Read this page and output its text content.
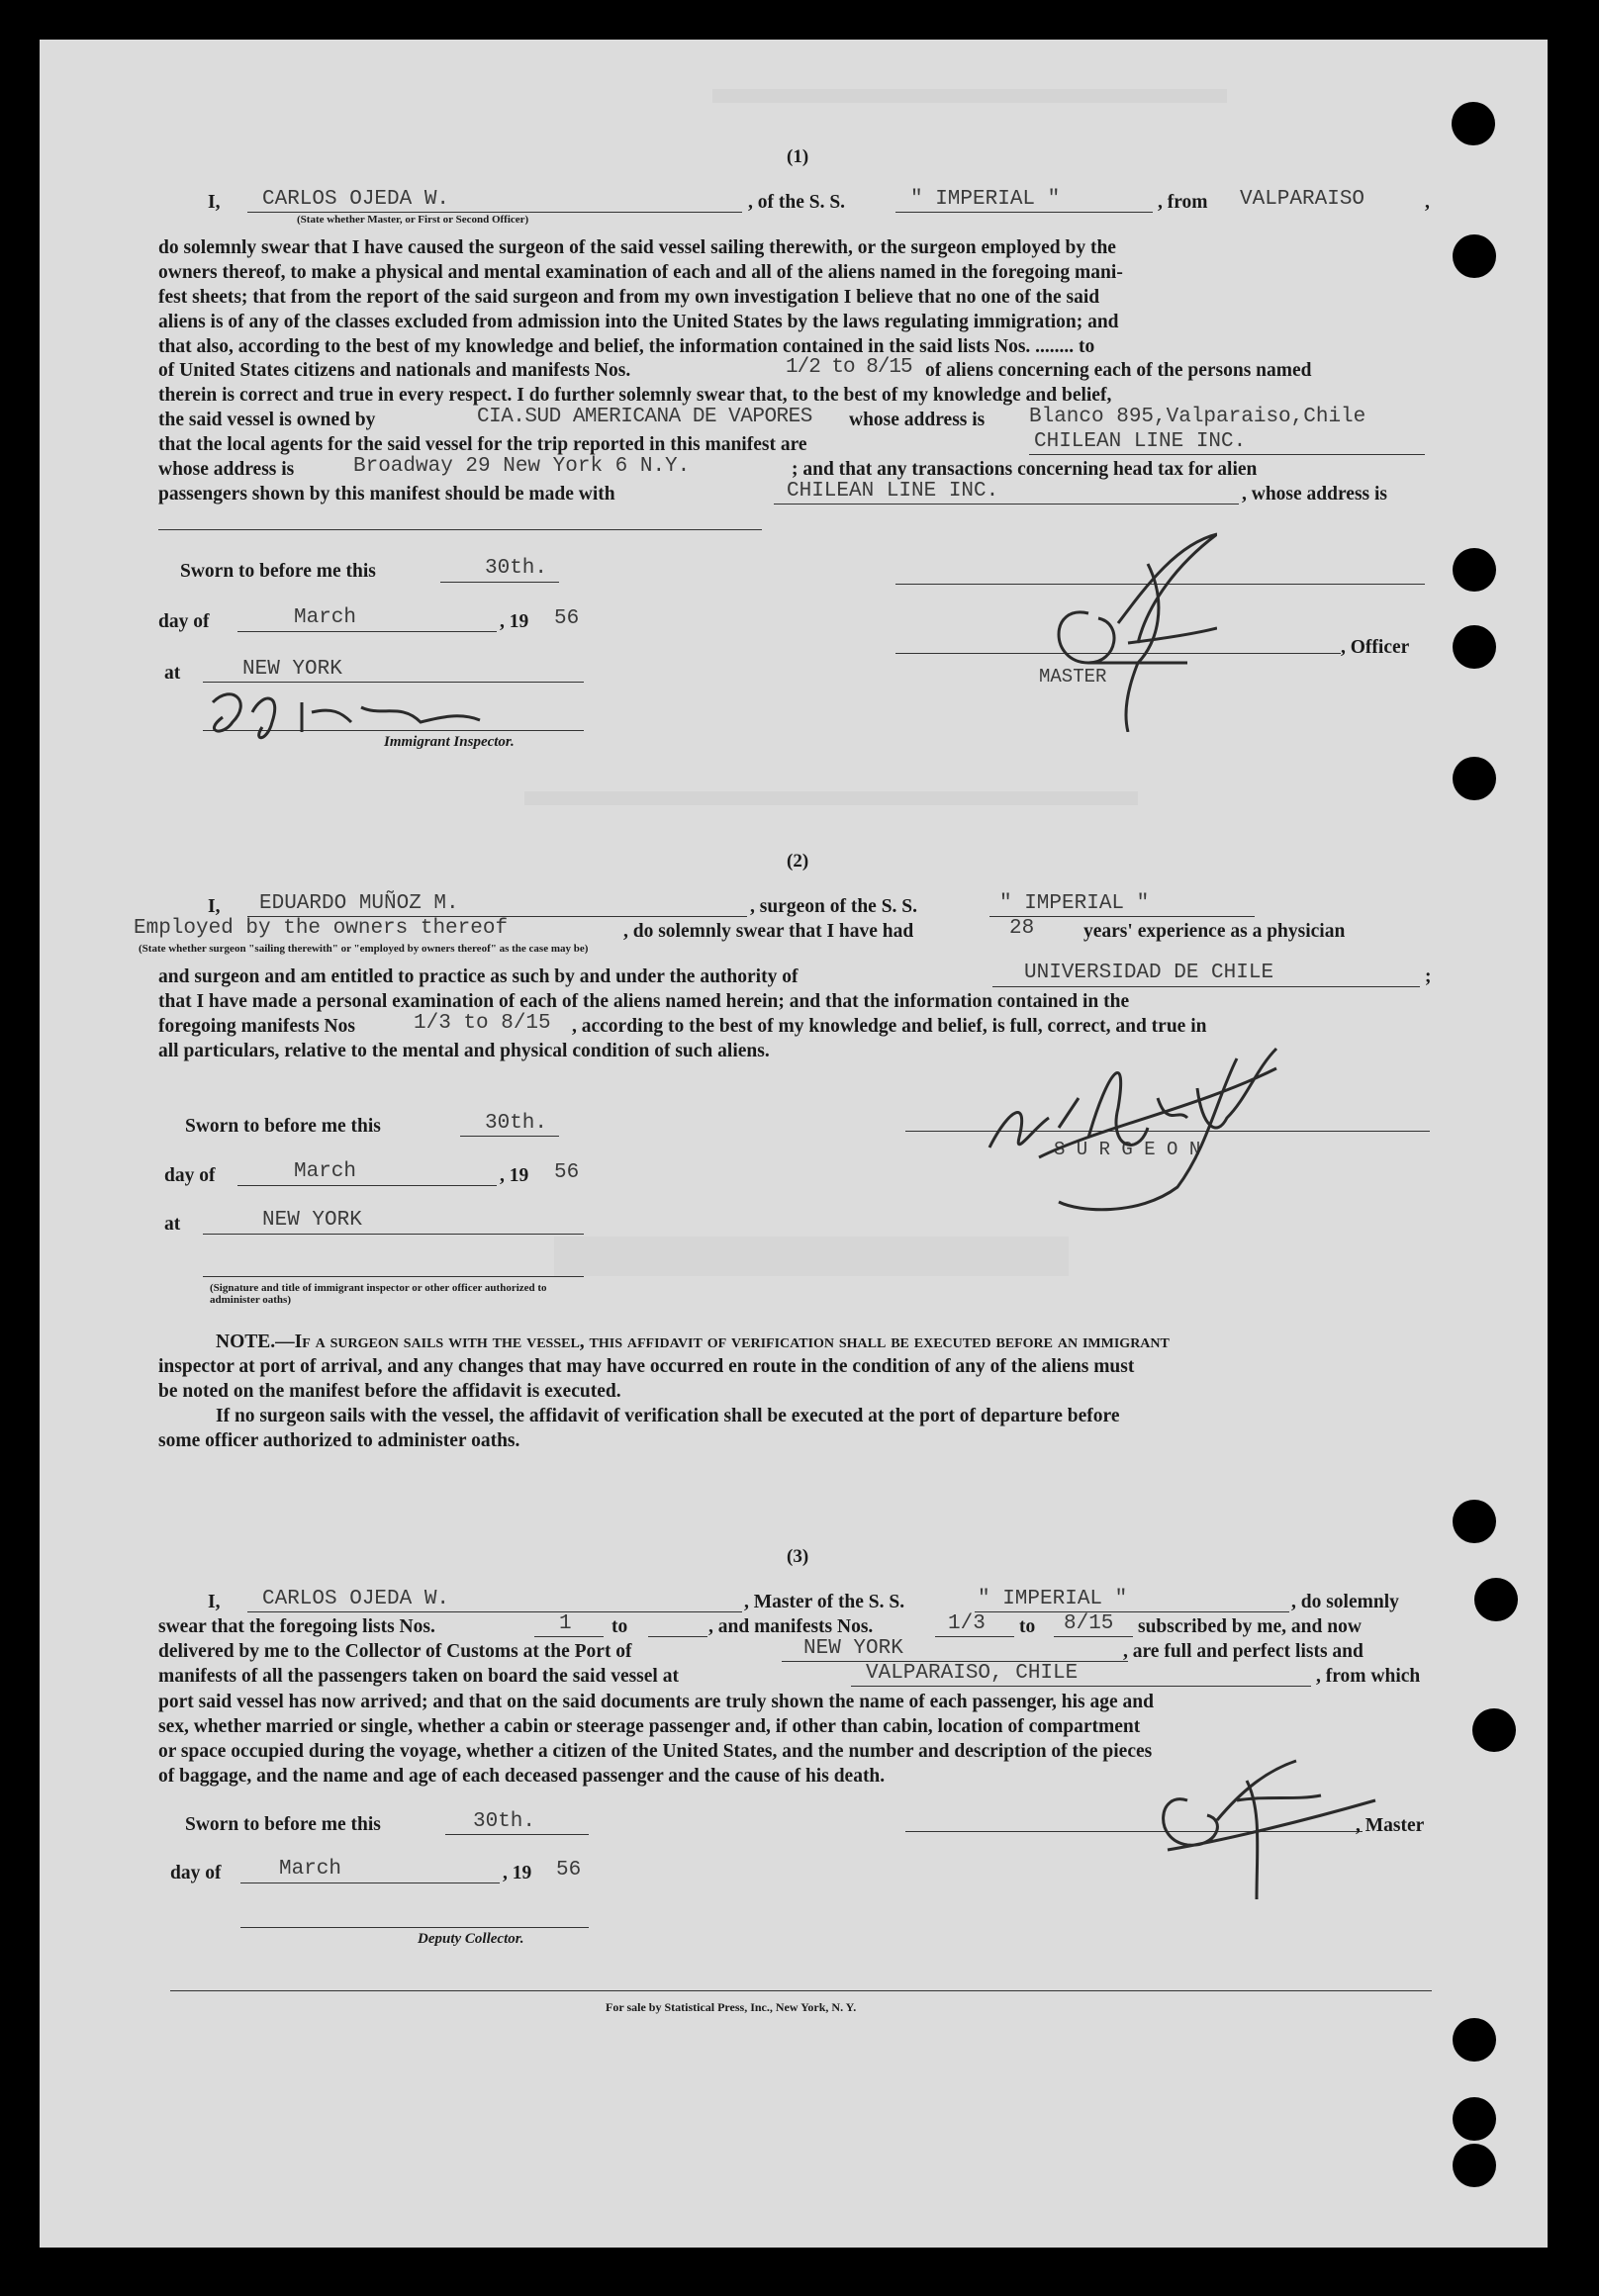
(1)
I, CARLOS OJEDA W.	, of the S. S.	" IMPERIAL "	, from VALPARAISO	,
(State whether Master, or First or Second Officer)
do solemnly swear that I have caused the surgeon of the said vessel sailing therewith, or the surgeon employed by the
owners thereof, to make a physical and mental examination of each and all of the aliens named in the foregoing mani-
fest sheets; that from the report of the said surgeon and from my own investigation I believe that no one of the said
aliens is of any of the classes excluded from admission into the United States by the laws regulating immigration; and
that also, according to the best of my knowledge and belief, the information contained in the said lists Nos. ........ to
of United States citizens and nationals and manifests Nos.	1/2 to 8/15 of aliens concerning each of the persons named
therein is correct and true in every respect. I do further solemnly swear that, to the best of my knowledge and belief,
the said vessel is owned by	CIA.SUD AMERICANA DE VAPORES whose address is Blanco 895,Valparaiso,Chile
that the local agents for the said vessel for the trip reported in this manifest are	CHILEAN LINE INC.
whose address is	Broadway 29 New York 6 N.Y.	; and that any transactions concerning head tax for alien
passengers shown by this manifest should be made with	CHILEAN LINE INC.	, whose address is
Sworn to before me this	30th.
day of	March	, 19 56
at	NEW YORK
Immigrant Inspector.
, Officer
MASTER
(2)
I, EDUARDO MUÑOZ M.	, surgeon of the S. S.	" IMPERIAL "
Employed by the owners thereof	, do solemnly swear that I have had	28	years' experience as a physician
(State whether surgeon "sailing therewith" or "employed by owners thereof" as the case may be)
and surgeon and am entitled to practice as such by and under the authority of	UNIVERSIDAD DE CHILE	;
that I have made a personal examination of each of the aliens named herein; and that the information contained in the
foregoing manifests Nos	1/3 to 8/15 , according to the best of my knowledge and belief, is full, correct, and true in
all particulars, relative to the mental and physical condition of such aliens.
Sworn to before me this	30th.
day of	March	, 19 56
at	NEW YORK
(Signature and title of immigrant inspector or other officer authorized to administer oaths)
S U R G E O N
NOTE.—If a surgeon sails with the vessel, this affidavit of verification shall be executed before an immigrant
inspector at port of arrival, and any changes that may have occurred en route in the condition of any of the aliens must
be noted on the manifest before the affidavit is executed.
If no surgeon sails with the vessel, the affidavit of verification shall be executed at the port of departure before
some officer authorized to administer oaths.
(3)
I, CARLOS OJEDA W.	, Master of the S. S.	" IMPERIAL "	, do solemnly
swear that the foregoing lists Nos.	1 to	, and manifests Nos.	1/3 to 8/15 subscribed by me, and now
delivered by me to the Collector of Customs at the Port of	NEW YORK	, are full and perfect lists and
manifests of all the passengers taken on board the said vessel at	VALPARAISO, CHILE	, from which
port said vessel has now arrived; and that on the said documents are truly shown the name of each passenger, his age and
sex, whether married or single, whether a cabin or steerage passenger and, if other than cabin, location of compartment
or space occupied during the voyage, whether a citizen of the United States, and the number and description of the pieces
of baggage, and the name and age of each deceased passenger and the cause of his death.
Sworn to before me this	30th.
day of	March	, 19 56
Deputy Collector.
, Master
For sale by Statistical Press, Inc., New York, N. Y.
